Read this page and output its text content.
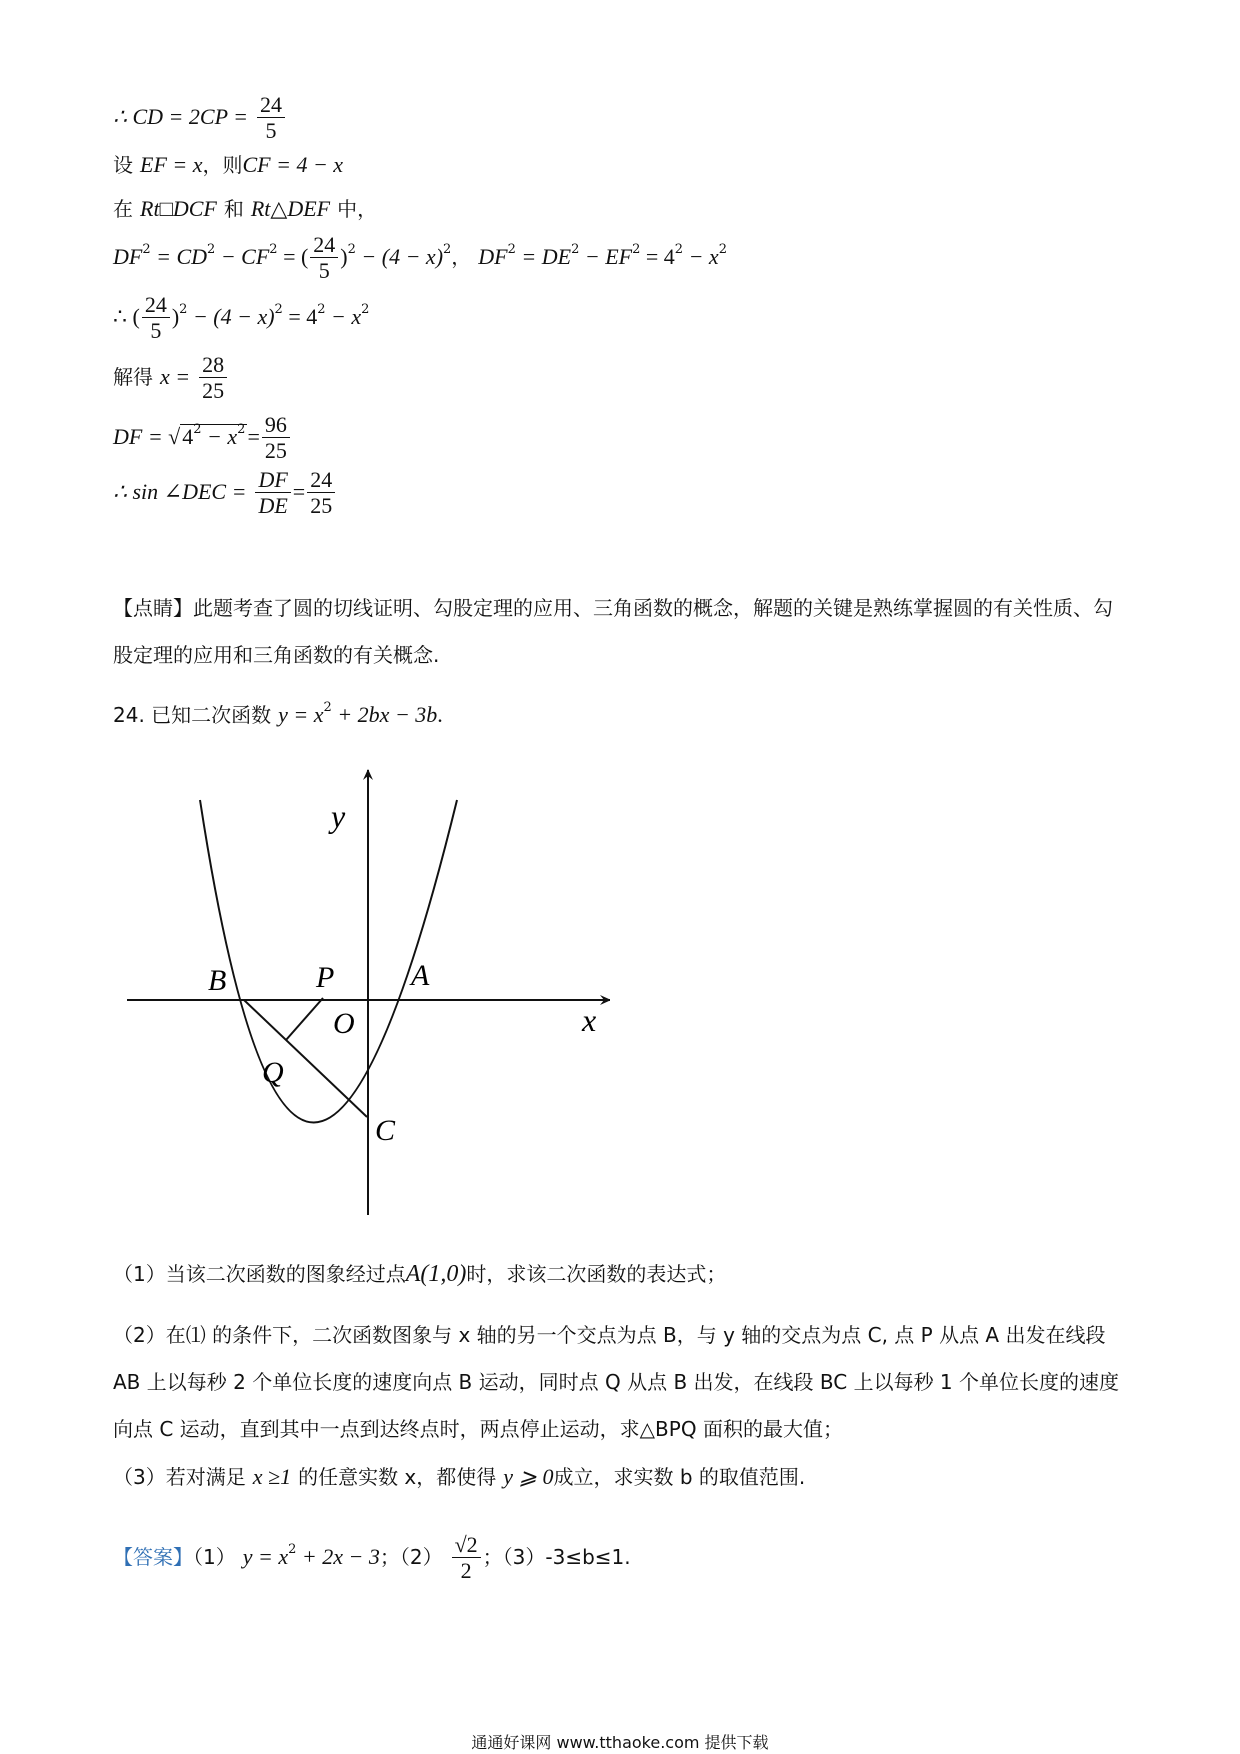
∴ CD = $2CP = \frac{24}{5}$
设 EF = x，则CF = 4 − x
在 Rt□DCF 和 Rt△DEF 中，
$DF^2 = CD^2 - CF^2$ = ( $\frac{24}{5} )^2 - (4 - x)^2$， $DF^2 = DE^2 - EF^2 = 4^2 - x^2$
∴ ( $\frac{24}{5} )^2 - (4 - x)^2 = 4^2 - x^2$
解得 $x = \frac{28}{25}$
DF = $√4^2 - x^2= \frac{96}{25}$
∴ sin ∠DEC = $\frac{DF}{DE} = \frac{24}{25}$
【点睛】此题考查了圆的切线证明、勾股定理的应用、三角函数的概念，解题的关键是熟练掌握圆的有关性质、勾股定理的应用和三角函数的有关概念.
24. 已知二次函数 $y = x^2 + 2bx - 3b$.
y
x
B	P	A
O
Q
C
（1）当该二次函数的图象经过点A(1,0)时，求该二次函数的表达式；
（2）在⑴ 的条件下，二次函数图象与 x 轴的另一个交点为点 B，与 y 轴的交点为点 C, 点 P 从点 A 出发在线段 AB 上以每秒 2 个单位长度的速度向点 B 运动，同时点 Q 从点 B 出发，在线段 BC 上以每秒 1 个单位长度的速度向点 C 运动，直到其中一点到达终点时，两点停止运动，求△BPQ 面积的最大值；
（3）若对满足 x ≥1 的任意实数 x，都使得 y ⩾ 0成立，求实数 b 的取值范围.
【答案】（1） $y = x^2 + 2x - 3$；$(2) \frac{√2}{2}$ ；（3）-3≤b≤1.
通通好课网 www.tthaoke.com 提供下载
